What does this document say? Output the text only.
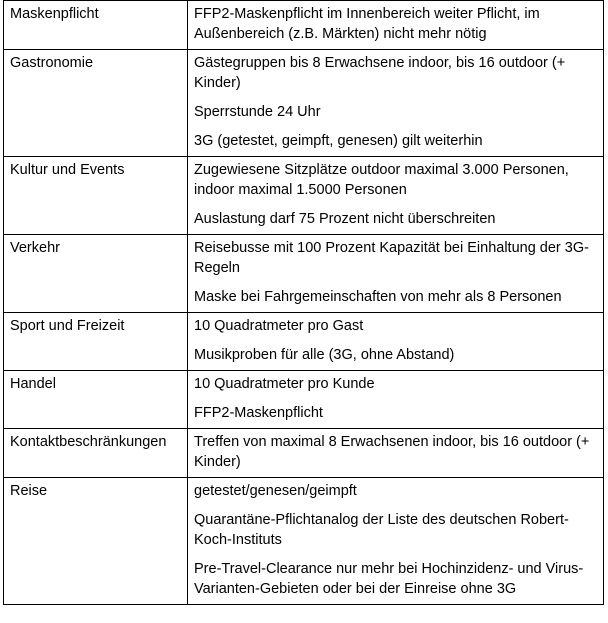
Maskenpflicht	FFP2-Maskenpflicht im Innenbereich weiter Pflicht, im Außenbereich (z.B. Märkten) nicht mehr nötig

Gastronomie	Gästegruppen bis 8 Erwachsene indoor, bis 16 outdoor (+ Kinder)

Sperrstunde 24 Uhr

3G (getestet, geimpft, genesen) gilt weiterhin

Kultur und Events	Zugewiesene Sitzplätze outdoor maximal 3.000 Personen, indoor maximal 1.5000 Personen

Auslastung darf 75 Prozent nicht überschreiten

Verkehr	Reisebusse mit 100 Prozent Kapazität bei Einhaltung der 3G-Regeln

Maske bei Fahrgemeinschaften von mehr als 8 Personen

Sport und Freizeit	10 Quadratmeter pro Gast

Musikproben für alle (3G, ohne Abstand)

Handel	10 Quadratmeter pro Kunde

FFP2-Maskenpflicht

Kontaktbeschränkungen	Treffen von maximal 8 Erwachsenen indoor, bis 16 outdoor (+ Kinder)

Reise	getestet/genesen/geimpft

Quarantäne-Pflichtanalog der Liste des deutschen Robert-Koch-Instituts

Pre-Travel-Clearance nur mehr bei Hochinzidenz- und Virus-Varianten-Gebieten oder bei der Einreise ohne 3G
